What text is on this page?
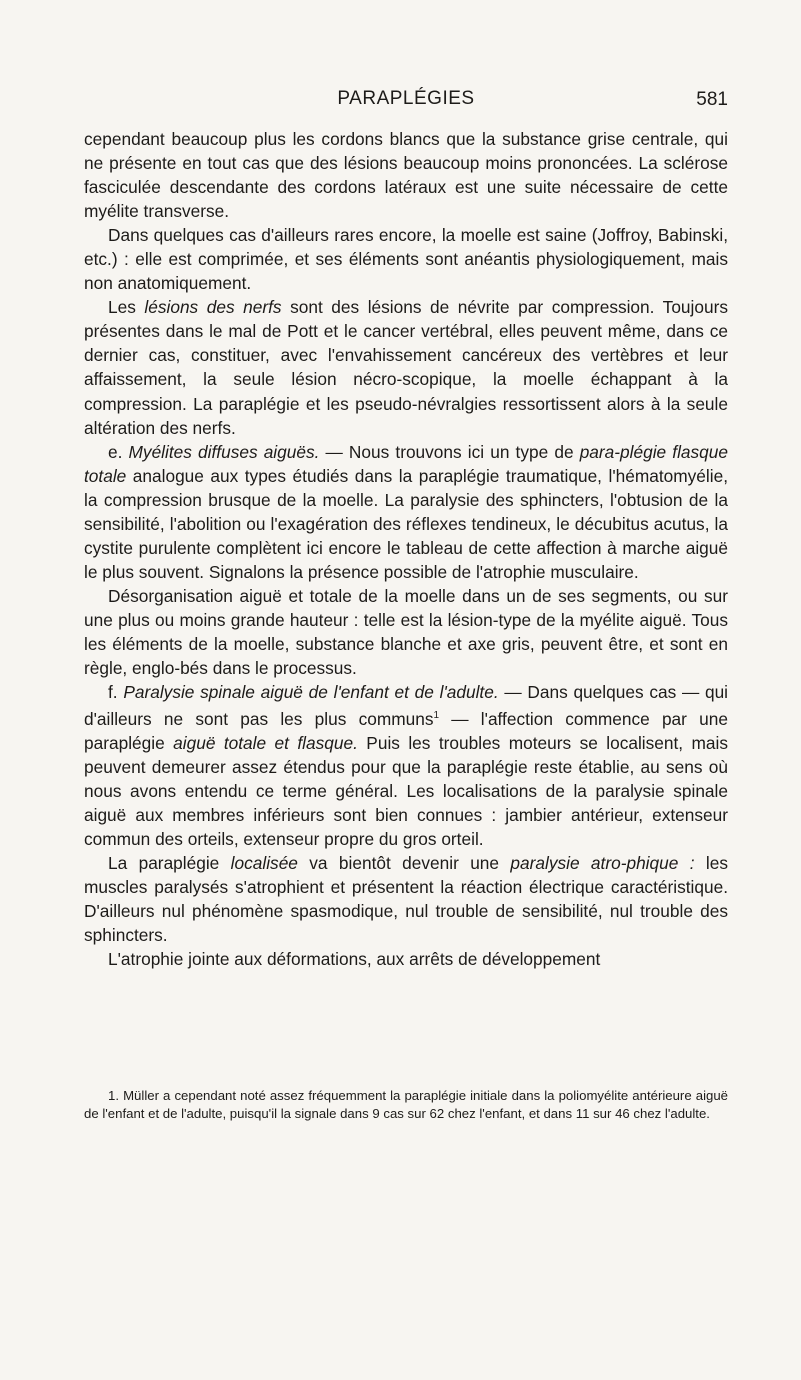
PARAPLÉGIES	581

cependant beaucoup plus les cordons blancs que la substance grise centrale, qui ne présente en tout cas que des lésions beaucoup moins prononcées. La sclérose fasciculée descendante des cordons latéraux est une suite nécessaire de cette myélite transverse.

Dans quelques cas d'ailleurs rares encore, la moelle est saine (Joffroy, Babinski, etc.) : elle est comprimée, et ses éléments sont anéantis physiologiquement, mais non anatomiquement.

Les lésions des nerfs sont des lésions de névrite par compression. Toujours présentes dans le mal de Pott et le cancer vertébral, elles peuvent même, dans ce dernier cas, constituer, avec l'envahissement cancéreux des vertèbres et leur affaissement, la seule lésion nécro-scopique, la moelle échappant à la compression. La paraplégie et les pseudo-névralgies ressortissent alors à la seule altération des nerfs.

e. Myélites diffuses aiguës. — Nous trouvons ici un type de para-plégie flasque totale analogue aux types étudiés dans la paraplégie traumatique, l'hématomyélie, la compression brusque de la moelle. La paralysie des sphincters, l'obtusion de la sensibilité, l'abolition ou l'exagération des réflexes tendineux, le décubitus acutus, la cystite purulente complètent ici encore le tableau de cette affection à marche aiguë le plus souvent. Signalons la présence possible de l'atrophie musculaire.

Désorganisation aiguë et totale de la moelle dans un de ses segments, ou sur une plus ou moins grande hauteur : telle est la lésion-type de la myélite aiguë. Tous les éléments de la moelle, substance blanche et axe gris, peuvent être, et sont en règle, englo-bés dans le processus.

f. Paralysie spinale aiguë de l'enfant et de l'adulte. — Dans quelques cas — qui d'ailleurs ne sont pas les plus communs$^1$ — l'affection commence par une paraplégie aiguë totale et flasque. Puis les troubles moteurs se localisent, mais peuvent demeurer assez étendus pour que la paraplégie reste établie, au sens où nous avons entendu ce terme général. Les localisations de la paralysie spinale aiguë aux membres inférieurs sont bien connues : jambier antérieur, extenseur commun des orteils, extenseur propre du gros orteil.

La paraplégie localisée va bientôt devenir une paralysie atro-phique : les muscles paralysés s'atrophient et présentent la réaction électrique caractéristique. D'ailleurs nul phénomène spasmodique, nul trouble de sensibilité, nul trouble des sphincters.

L'atrophie jointe aux déformations, aux arrêts de développement

1. Müller a cependant noté assez fréquemment la paraplégie initiale dans la poliomyélite antérieure aiguë de l'enfant et de l'adulte, puisqu'il la signale dans 9 cas sur 62 chez l'enfant, et dans 11 sur 46 chez l'adulte.
